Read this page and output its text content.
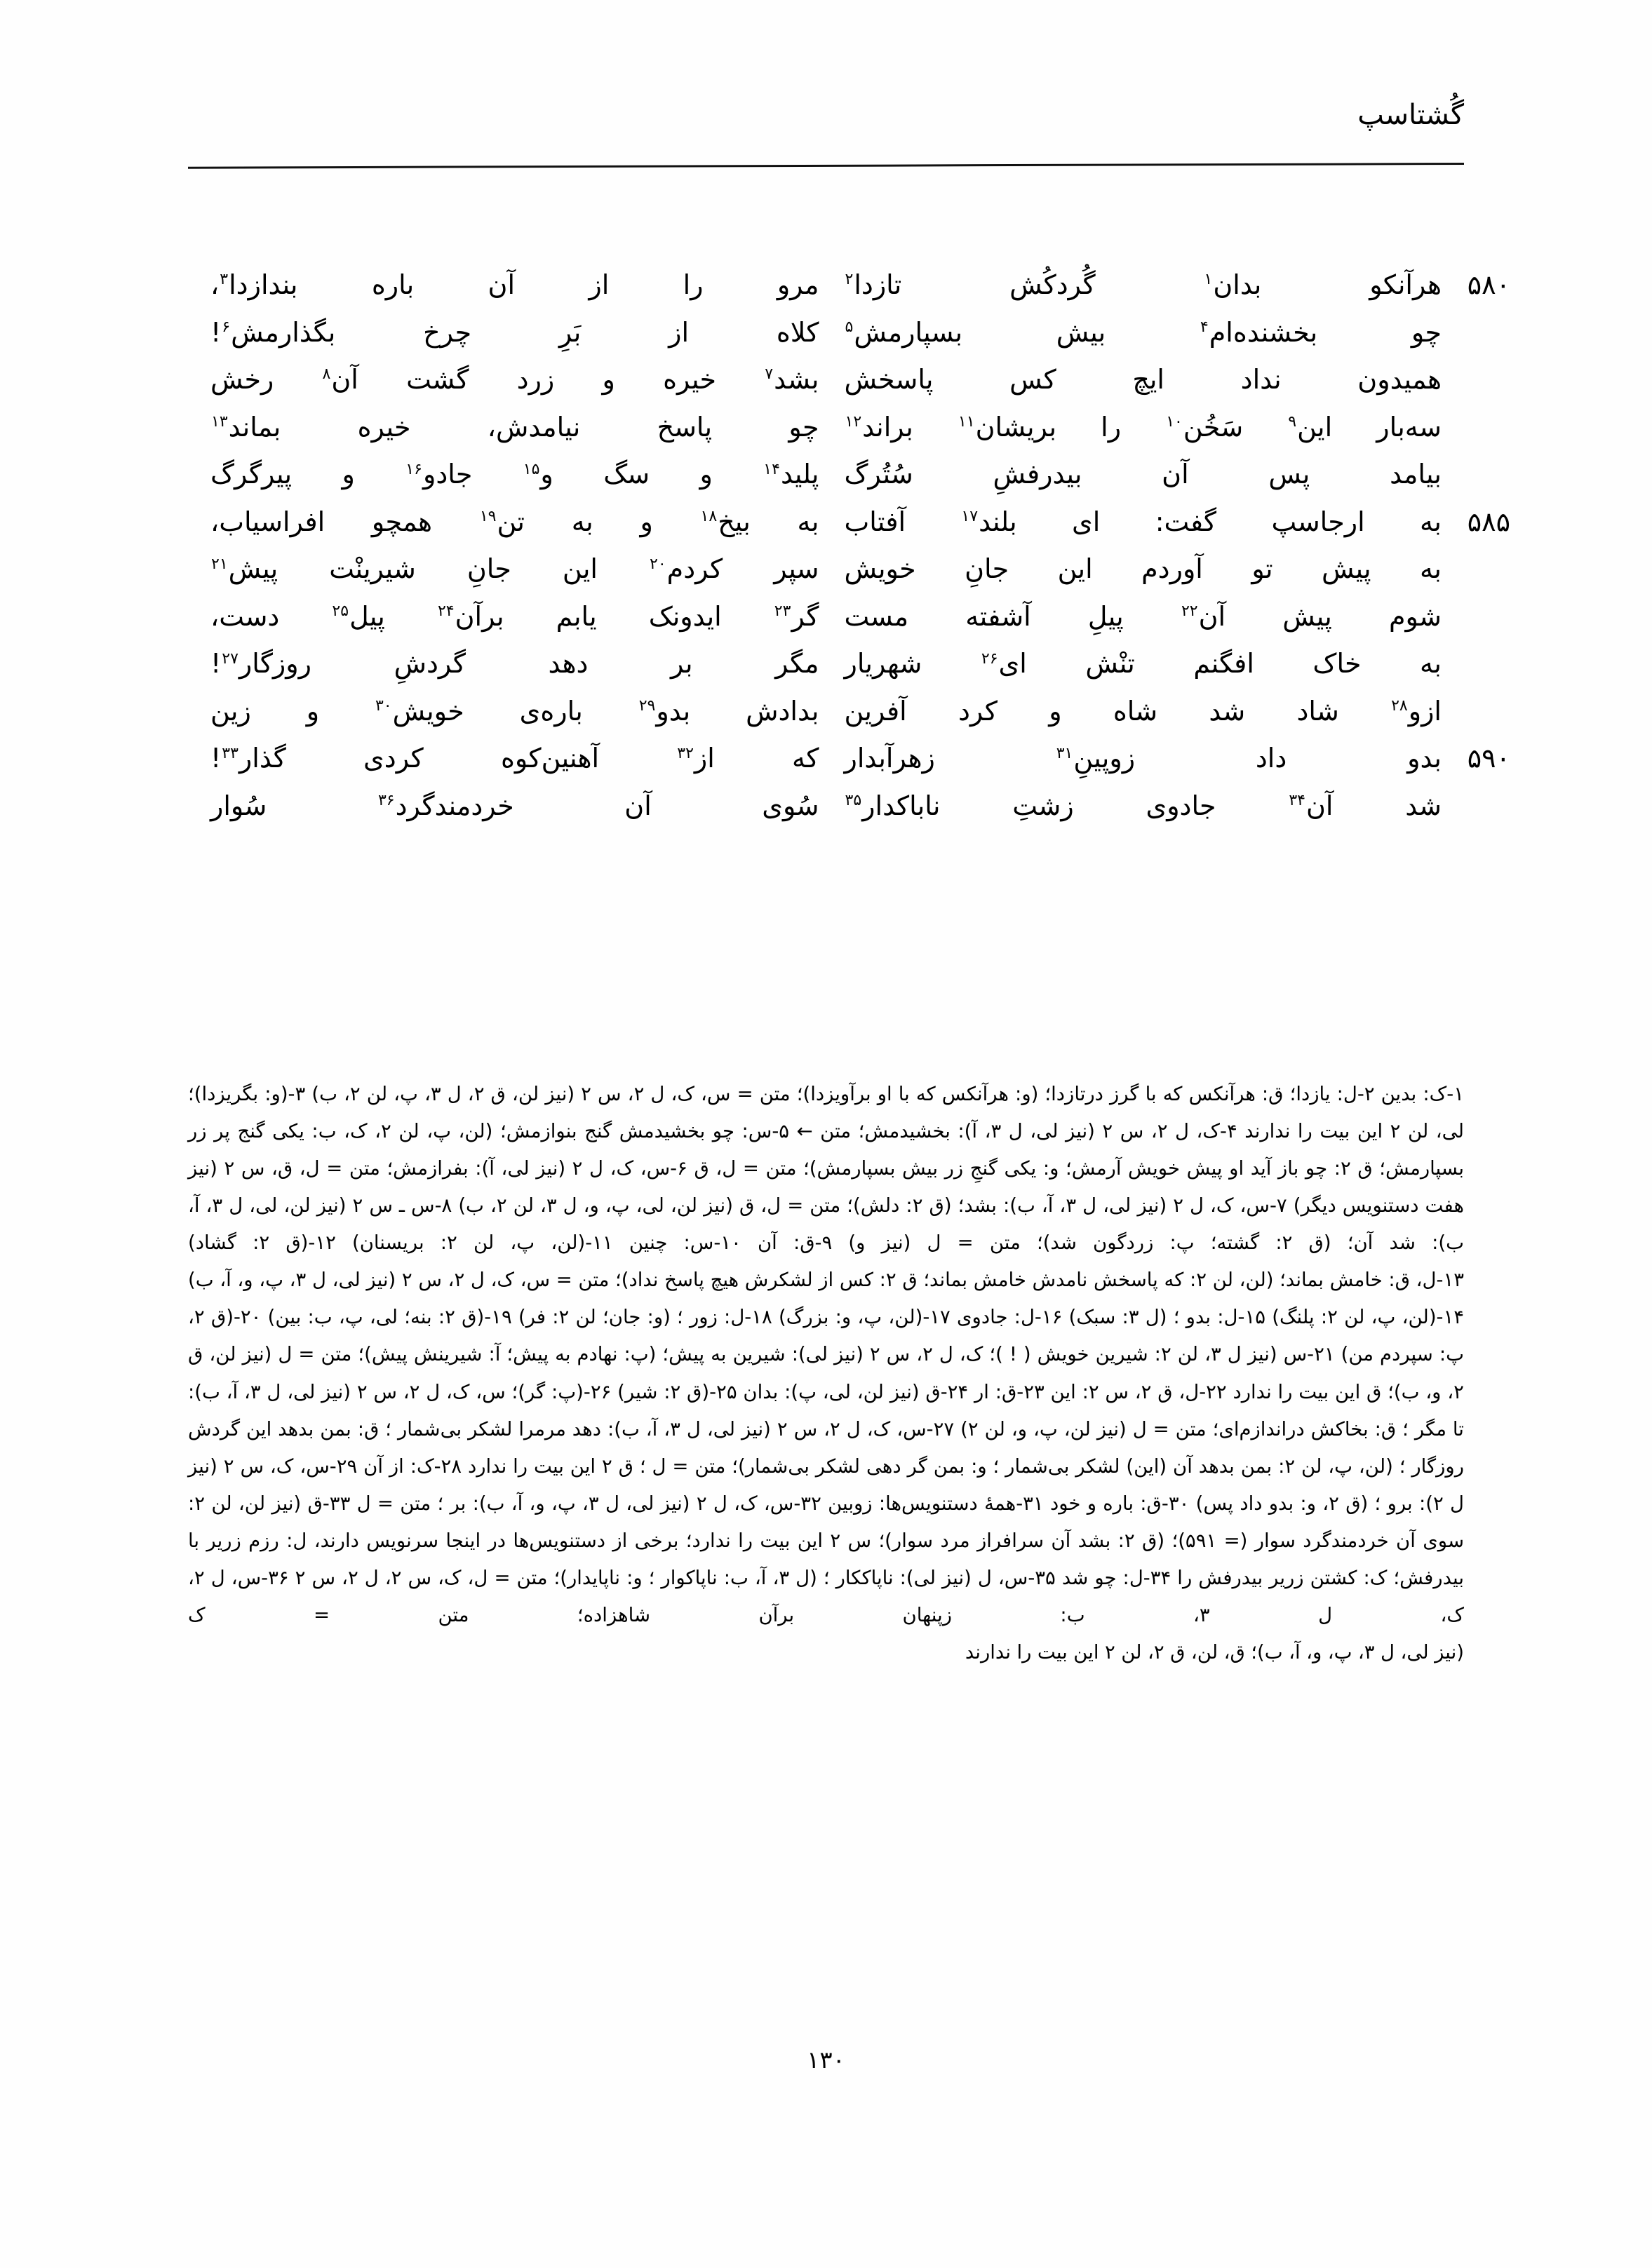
گُشتاسپ
۵۸۰
هرآنکو بدان$^۱$ گُردکُش تازدا$^۲$
مرو را از آن باره بندازدا$^۳$،
چو بخشنده‌ام$^۴$ بیش بسپارمش$^۵$
کلاه از بَرِ چرخ بگذارمش$^۶$!
همیدون نداد ایچ کس پاسخش
بشد$^۷$ خیره و زرد گشت آن$^۸$ رخش
سه‌بار این$^۹$ سَخُن$^{۱۰}$ را بریشان$^{۱۱}$ براند$^{۱۲}$
چو پاسخ نیامدش، خیره بماند$^{۱۳}$
بیامد پس آن بیدرفشِ سُتُرگ
پلید$^{۱۴}$ و سگ و$^{۱۵}$ جادو$^{۱۶}$ و پیرگرگ
۵۸۵
به ارجاسپ گفت: ای بلند$^{۱۷}$ آفتاب
به بیخ$^{۱۸}$ و به تن$^{۱۹}$ همچو افراسیاب،
به پیش تو آوردم این جانِ خویش
سپر کردم$^{۲۰}$ این جانِ شیرینْت پیش$^{۲۱}$
شوم پیش آن$^{۲۲}$ پیلِ آشفته مست
گر$^{۲۳}$ ایدونک یابم برآن$^{۲۴}$ پیل$^{۲۵}$ دست،
به خاک افگنم تنْش ای$^{۲۶}$ شهریار
مگر بر دهد گردشِ روزگار$^{۲۷}$!
ازو$^{۲۸}$ شاد شد شاه و کرد آفرین
بدادش بدو$^{۲۹}$ باره‌ی خویش$^{۳۰}$ و زین
۵۹۰
بدو داد زوپینِ$^{۳۱}$ زهرآبدار
که از$^{۳۲}$ آهنین‌کوه کردی گذار$^{۳۳}$!
شد آن$^{۳۴}$ جادوی زشتِ ناباکدار$^{۳۵}$
سُوی آن خردمندگرد$^{۳۶}$ سُوار

۱-ک: بدین ۲-ل: یازدا؛ ق: هرآنکس که با گرز درتازدا؛ (و: هرآنکس که با او برآویزدا)؛ متن = س، ک، ل ۲، س ۲ (نیز لن، ق ۲، ل ۳، پ، لن ۲، ب) ۳-(و: بگریزدا)؛ لی، لن ۲ این بیت را ندارند ۴-ک، ل ۲، س ۲ (نیز لی، ل ۳، آ): بخشیدمش؛ متن ← ۵-س: چو بخشیدمش گنج بنوازمش؛ (لن، پ، لن ۲، ک، ب: یکی گنج پر زر بسپارمش؛ ق ۲: چو باز آید او پیش خویش آرمش؛ و: یکی گنجِ زر بیش بسپارمش)؛ متن = ل، ق ۶-س، ک، ل ۲ (نیز لی، آ): بفرازمش؛ متن = ل، ق، س ۲ (نیز هفت دستنویس دیگر) ۷-س، ک، ل ۲ (نیز لی، ل ۳، آ، ب): بشد؛ (ق ۲: دلش)؛ متن = ل، ق (نیز لن، لی، پ، و، ل ۳، لن ۲، ب) ۸-س ـ س ۲ (نیز لن، لی، ل ۳، آ، ب): شد آن؛ (ق ۲: گشته؛ پ: زردگون شد)؛ متن = ل (نیز و) ۹-ق: آن ۱۰-س: چنین ۱۱-(لن، پ، لن ۲: بریسنان) ۱۲-(ق ۲: گشاد)

۱۳-ل، ق: خامش بماند؛ (لن، لن ۲: که پاسخش نامدش خامش بماند؛ ق ۲: کس از لشکرش هیچ پاسخ نداد)؛ متن = س، ک، ل ۲، س ۲ (نیز لی، ل ۳، پ، و، آ، ب) ۱۴-(لن، پ، لن ۲: پلنگ) ۱۵-ل: بدو ؛ (ل ۳: سبک) ۱۶-ل: جادوی ۱۷-(لن، پ، و: بزرگ) ۱۸-ل: زور ؛ (و: جان؛ لن ۲: فر) ۱۹-(ق ۲: بنه؛ لی، پ، ب: بین) ۲۰-(ق ۲، پ: سپردم من) ۲۱-س (نیز ل ۳، لن ۲: شیرین خویش ( ! )؛ ک، ل ۲، س ۲ (نیز لی): شیرین به پیش؛ (پ: نهادم به پیش؛ آ: شیرینش پیش)؛ متن = ل (نیز لن، ق ۲، و، ب)؛ ق این بیت را ندارد ۲۲-ل، ق ۲، س ۲: این ۲۳-ق: ار ۲۴-ق (نیز لن، لی، پ): بدان ۲۵-(ق ۲: شیر) ۲۶-(پ: گر)؛ س، ک، ل ۲، س ۲ (نیز لی، ل ۳، آ، ب): تا مگر ؛ ق: بخاکش دراندازم‌ای؛ متن = ل (نیز لن، پ، و، لن ۲) ۲۷-س، ک، ل ۲، س ۲ (نیز لی، ل ۳، آ، ب): دهد مرمرا لشکر بی‌شمار ؛ ق: بمن بدهد این گردش روزگار ؛ (لن، پ، لن ۲: بمن بدهد آن (این) لشکر بی‌شمار ؛ و: بمن گر دهی لشکر بی‌شمار)؛ متن = ل ؛ ق ۲ این بیت را ندارد ۲۸-ک: از آن ۲۹-س، ک، س ۲ (نیز ل ۲): برو ؛ (ق ۲، و: بدو داد پس) ۳۰-ق: باره و خود ۳۱-همهٔ دستنویس‌ها: زوبین ۳۲-س، ک، ل ۲ (نیز لی، ل ۳، پ، و، آ، ب): بر ؛ متن = ل ۳۳-ق (نیز لن، لن ۲: سوی آن خردمندگرد سوار (= ۵۹۱)؛ (ق ۲: بشد آن سرافراز مرد سوار)؛ س ۲ این بیت را ندارد؛ برخی از دستنویس‌ها در اینجا سرنویس دارند، ل: رزم زریر با بیدرفش؛ ک: کشتن زریر بیدرفش را ۳۴-ل: چو شد ۳۵-س، ل (نیز لی): ناپاککار ؛ (ل ۳، آ، ب: ناپاکوار ؛ و: ناپایدار)؛ متن = ل، ک، س ۲، ل ۲، س ۲ ۳۶-س، ل ۲، ک، ل ۳، ب: زپنهان برآن شاهزاده؛ متن = ک

(نیز لی، ل ۳، پ، و، آ، ب)؛ ق، لن، ق ۲، لن ۲ این بیت را ندارند

۱۳۰
